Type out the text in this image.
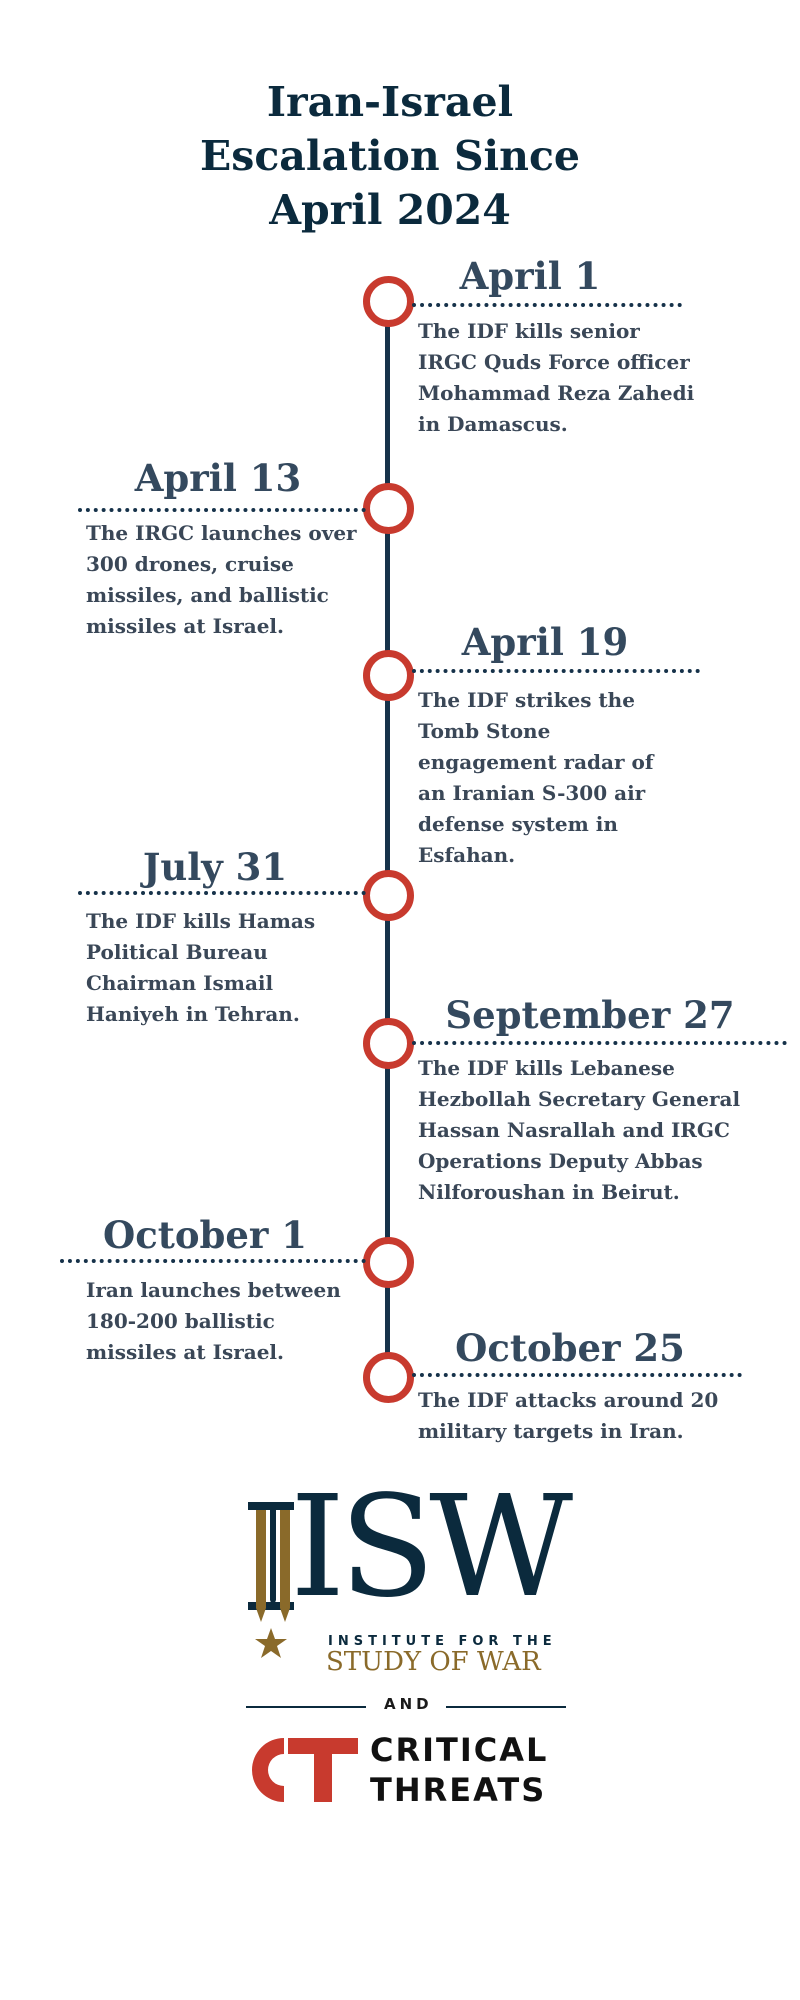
Iran-Israel
Escalation Since
April 2024
April 1
The IDF kills senior
IRGC Quds Force officer
Mohammad Reza Zahedi
in Damascus.
April 13
The IRGC launches over
300 drones, cruise
missiles, and ballistic
missiles at Israel.	April 19
The IDF strikes the
Tomb Stone
engagement radar of
an Iranian S-300 air
defense system in
Esfahan.
July 31
The IDF kills Hamas
Political Bureau
Chairman Ismail
Haniyeh in Tehran.	September 27
The IDF kills Lebanese
Hezbollah Secretary General
Hassan Nasrallah and IRGC
Operations Deputy Abbas
Nilforoushan in Beirut.
October 1
Iran launches between
180-200 ballistic
missiles at Israel.	October 25
The IDF attacks around 20
military targets in Iran.
ISW
INSTITUTE FOR THE
STUDY OF WAR
AND
CRITICAL
THREATS
